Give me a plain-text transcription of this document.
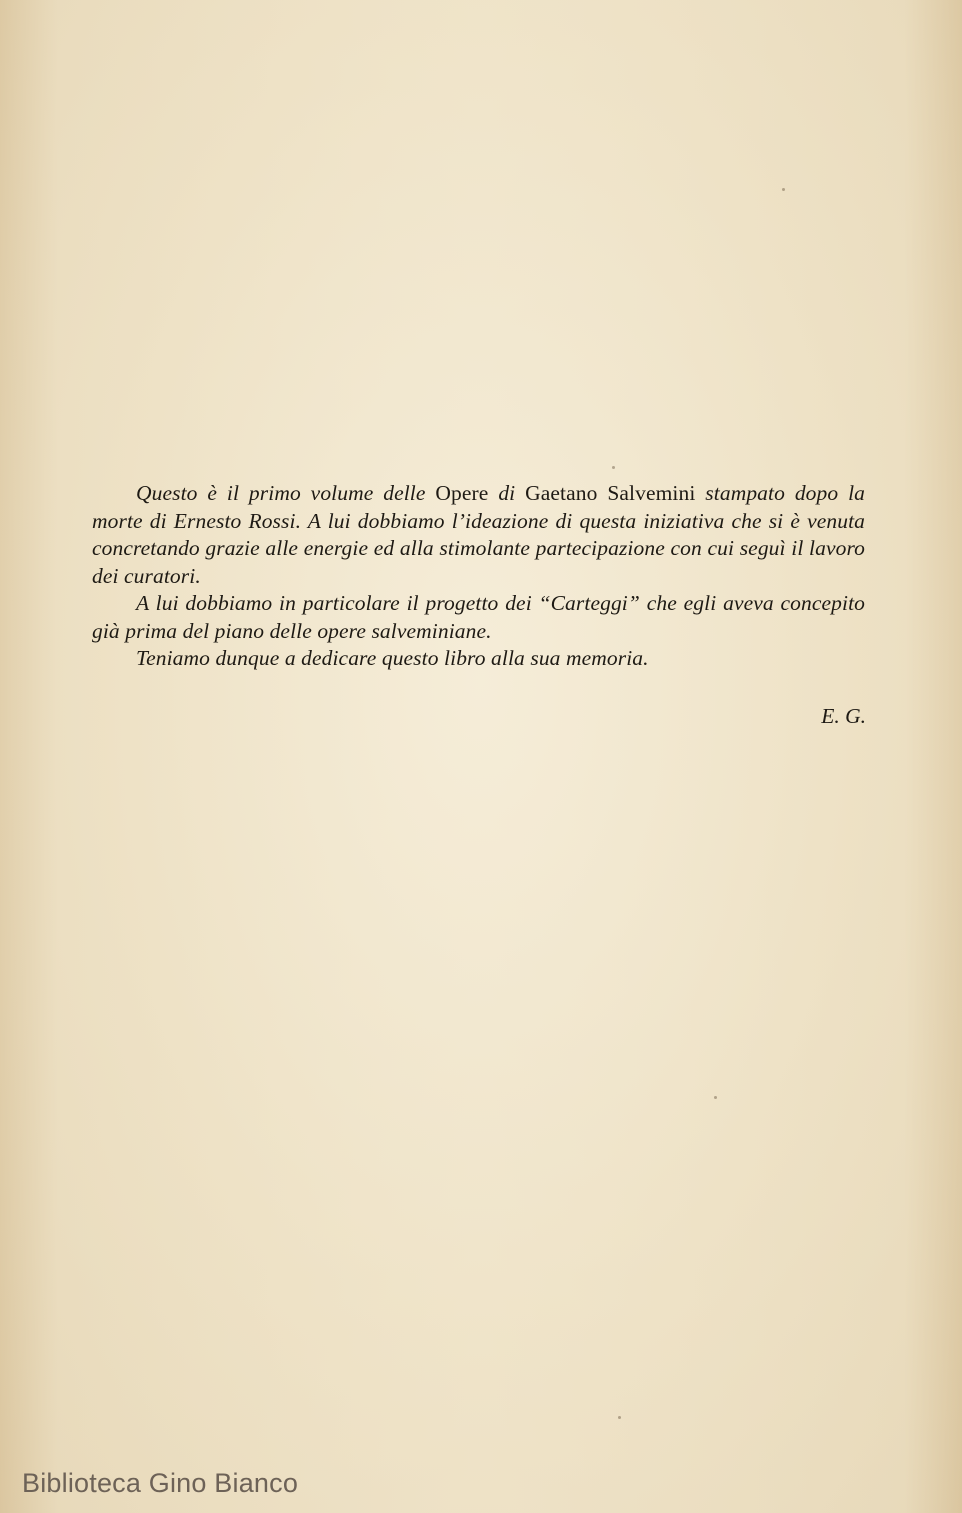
Questo è il primo volume delle Opere di Gaetano Salvemini stampato dopo la morte di Ernesto Rossi. A lui dobbiamo l’ideazione di questa iniziativa che si è venuta concretando grazie alle energie ed alla stimolante partecipazione con cui seguì il lavoro dei curatori.

A lui dobbiamo in particolare il progetto dei “Carteggi” che egli aveva concepito già prima del piano delle opere salveminiane.

Teniamo dunque a dedicare questo libro alla sua memoria.

E. G.
Biblioteca Gino Bianco
